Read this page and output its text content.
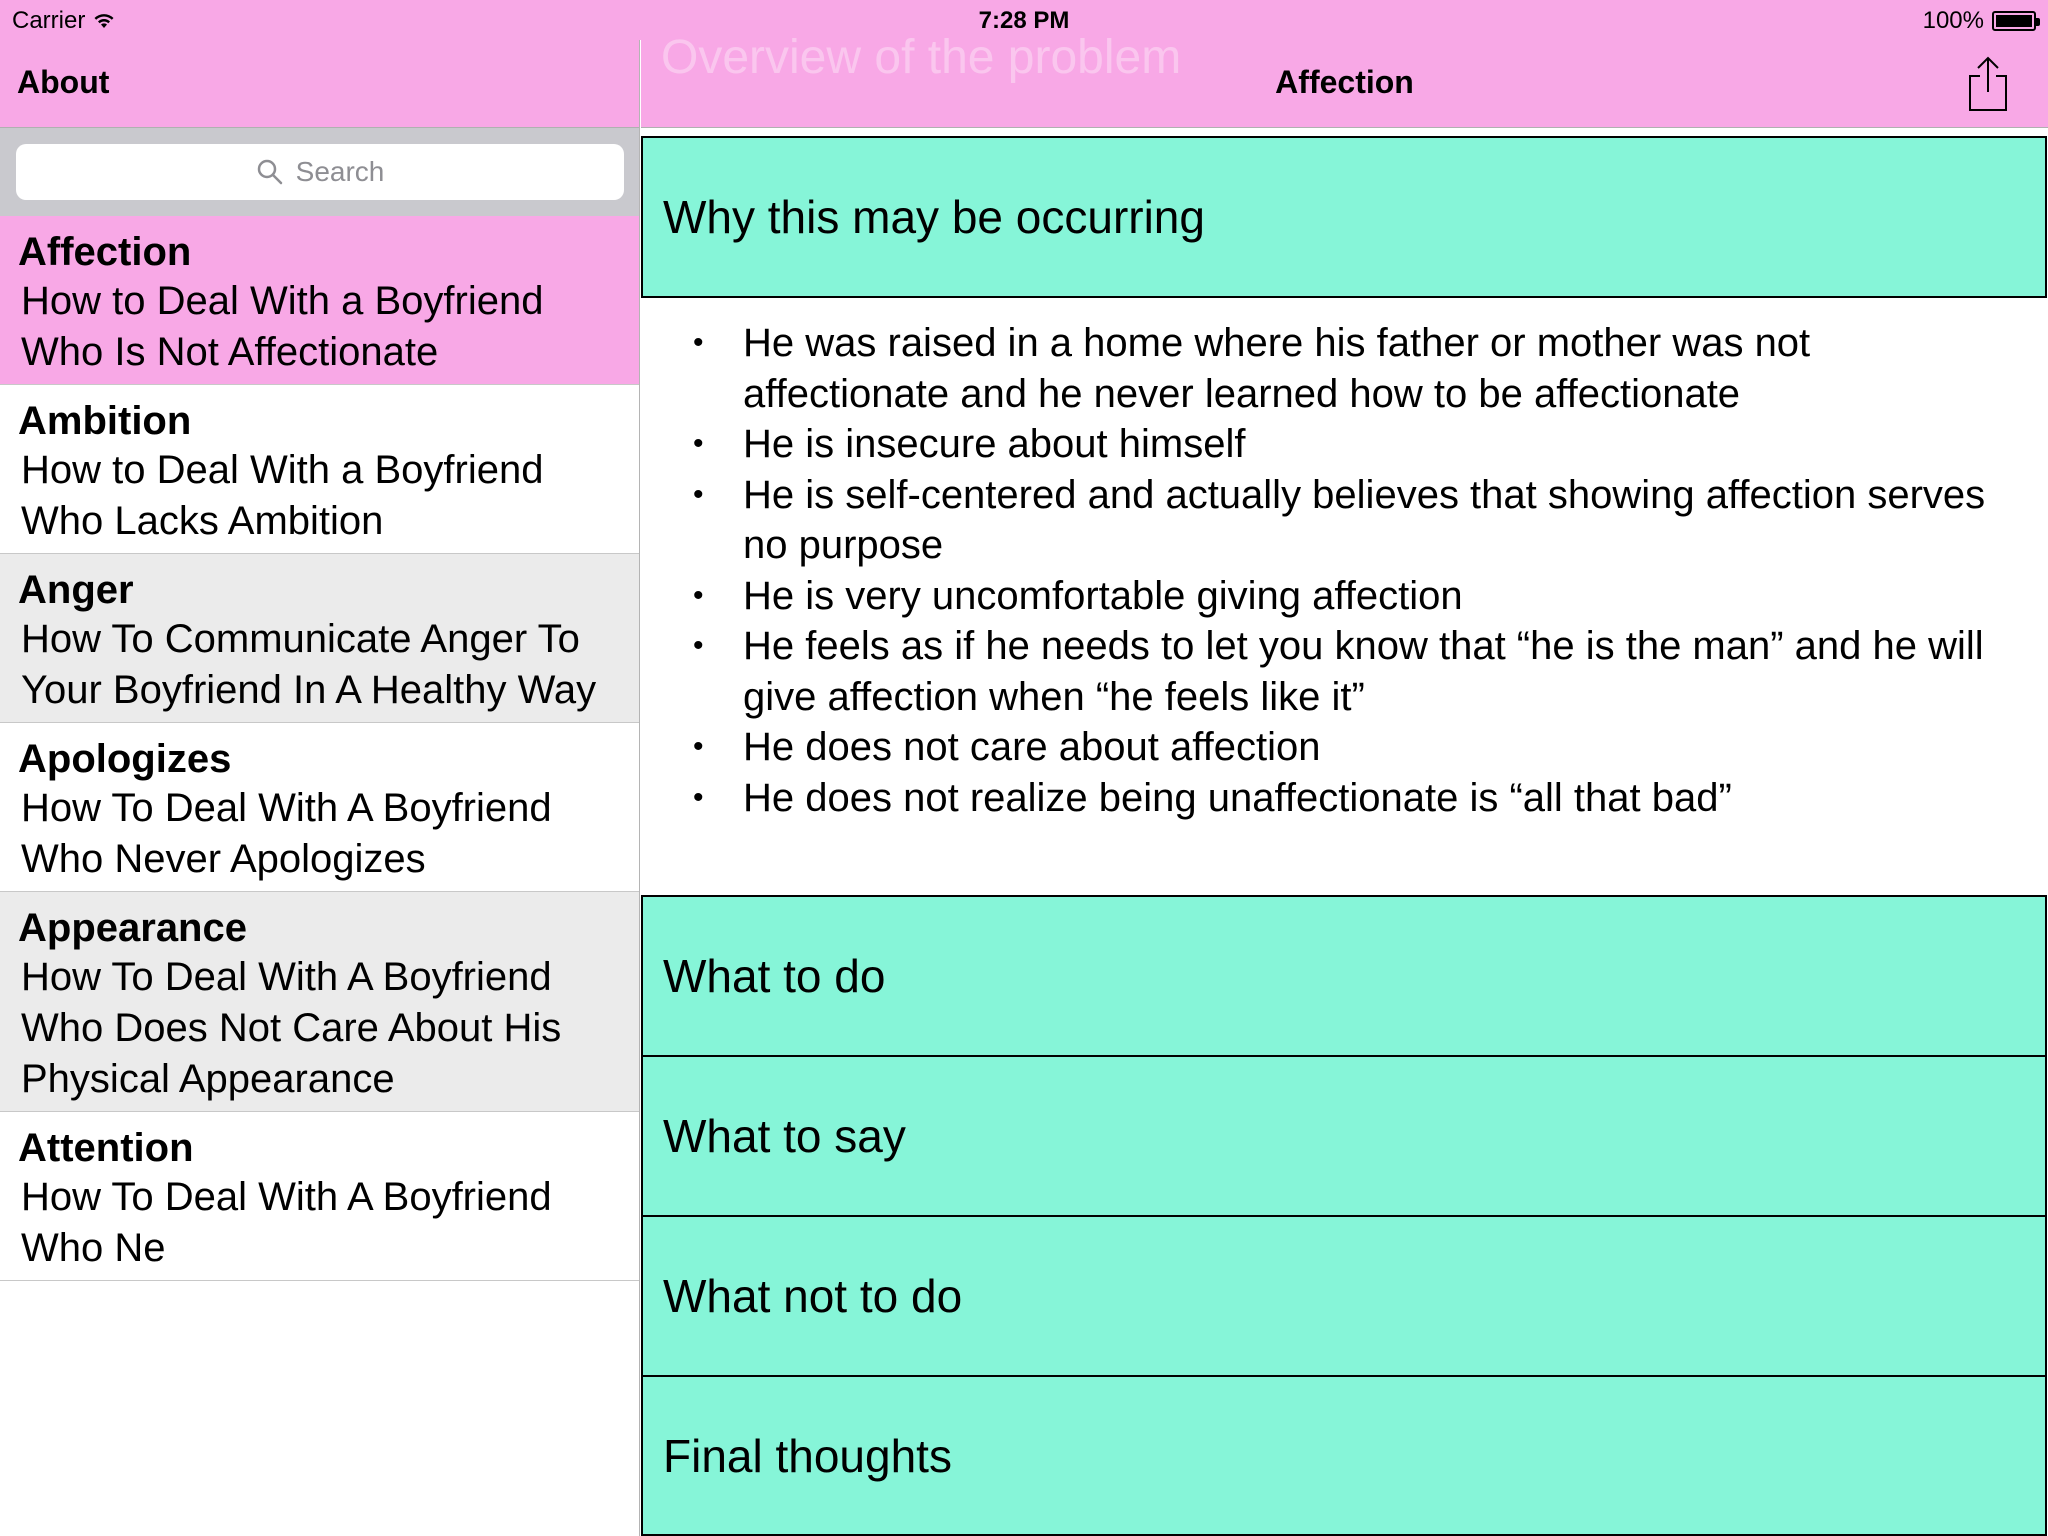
Carrier	7:28 PM	100%
About
Search
Affection
How to Deal With a Boyfriend Who Is Not Affectionate
Ambition
How to Deal With a Boyfriend Who Lacks Ambition
Anger
How To Communicate Anger To Your Boyfriend In A Healthy Way
Apologizes
How To Deal With A Boyfriend Who Never Apologizes
Appearance
How To Deal With A Boyfriend Who Does Not Care About His Physical Appearance
Attention
How To Deal With A Boyfriend Who Ne
Affection
Overview of the problem
Why this may be occurring
• He was raised in a home where his father or mother was not affectionate and he never learned how to be affectionate
• He is insecure about himself
• He is self-centered and actually believes that showing affection serves no purpose
• He is very uncomfortable giving affection
• He feels as if he needs to let you know that “he is the man” and he will give affection when “he feels like it”
• He does not care about affection
• He does not realize being unaffectionate is “all that bad”
What to do
What to say
What not to do
Final thoughts
